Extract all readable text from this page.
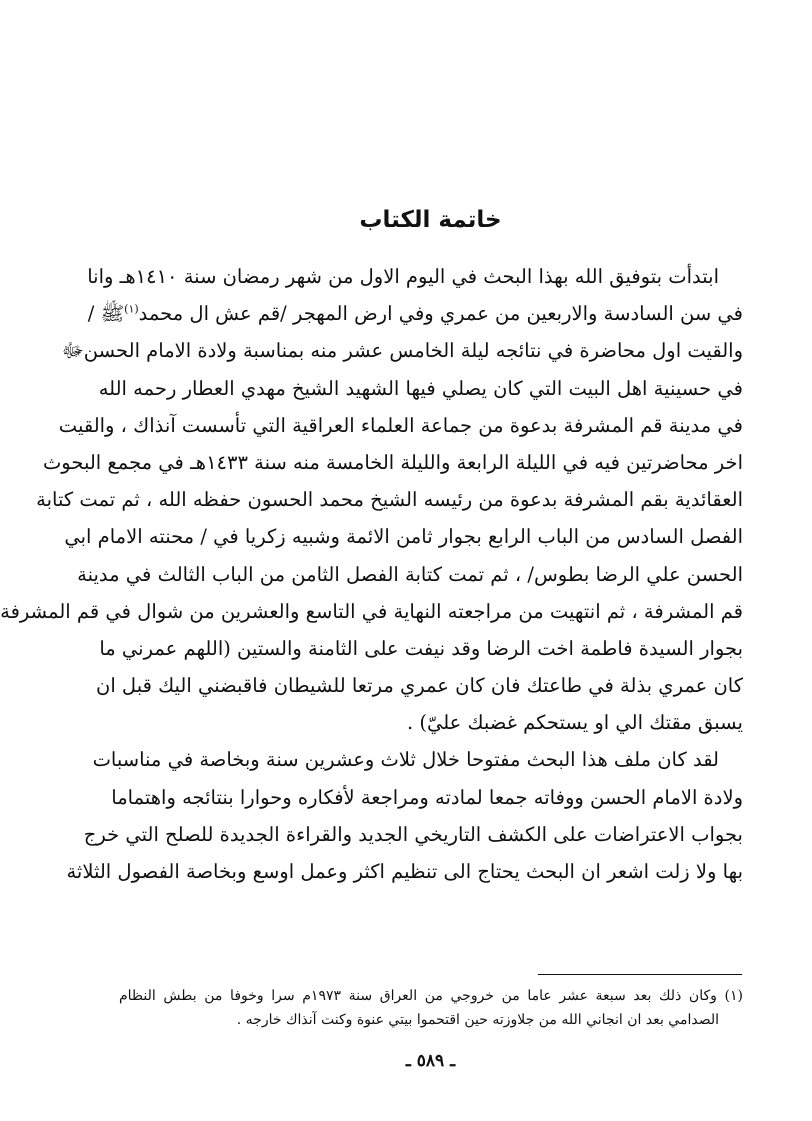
خاتمة الكتاب
ابتدأت بتوفيق الله بهذا البحث في اليوم الاول من شهر رمضان سنة ١٤١٠هـ وانا
في سن السادسة والاربعين من عمري وفي ارض المهجر /قم عش ال محمد$^{(١)}$ﷺ /
والقيت اول محاضرة في نتائجه ليلة الخامس عشر منه بمناسبة ولادة الامام الحسنﷻ
في حسينية اهل البيت التي كان يصلي فيها الشهيد الشيخ مهدي العطار رحمه الله
في مدينة قم المشرفة بدعوة من جماعة العلماء العراقية التي تأسست آنذاك ، والقيت
اخر محاضرتين فيه في الليلة الرابعة والليلة الخامسة منه سنة ١٤٣٣هـ في مجمع البحوث
العقائدية بقم المشرفة بدعوة من رئيسه الشيخ محمد الحسون حفظه الله ، ثم تمت كتابة
الفصل السادس من الباب الرابع بجوار ثامن الائمة وشبيه زكريا في / محنته الامام ابي
الحسن علي الرضا بطوس/ ، ثم تمت كتابة الفصل الثامن من الباب الثالث في مدينة
قم المشرفة ، ثم انتهيت من مراجعته النهاية في التاسع والعشرين من شوال في قم المشرفة
بجوار السيدة فاطمة اخت الرضا وقد نيفت على الثامنة والستين (اللهم عمرني ما
كان عمري بذلة في طاعتك فان كان عمري مرتعا للشيطان فاقبضني اليك قبل ان
يسبق مقتك الي او يستحكم غضبك عليّ) .
لقد كان ملف هذا البحث مفتوحا خلال ثلاث وعشرين سنة وبخاصة في مناسبات
ولادة الامام الحسن ووفاته جمعا لمادته ومراجعة لأفكاره وحوارا بنتائجه واهتماما
بجواب الاعتراضات على الكشف التاريخي الجديد والقراءة الجديدة للصلح التي خرج
بها ولا زلت اشعر ان البحث يحتاج الى تنظيم اكثر وعمل اوسع وبخاصة الفصول الثلاثة
(١) وكان ذلك بعد سبعة عشر عاما من خروجي من العراق سنة ١٩٧٣م سرا وخوفا من بطش النظام
الصدامي بعد ان انجاني الله من جلاوزته حين اقتحموا بيتي عنوة وكنت آنذاك خارجه .
ـ ٥٨٩ ـ
